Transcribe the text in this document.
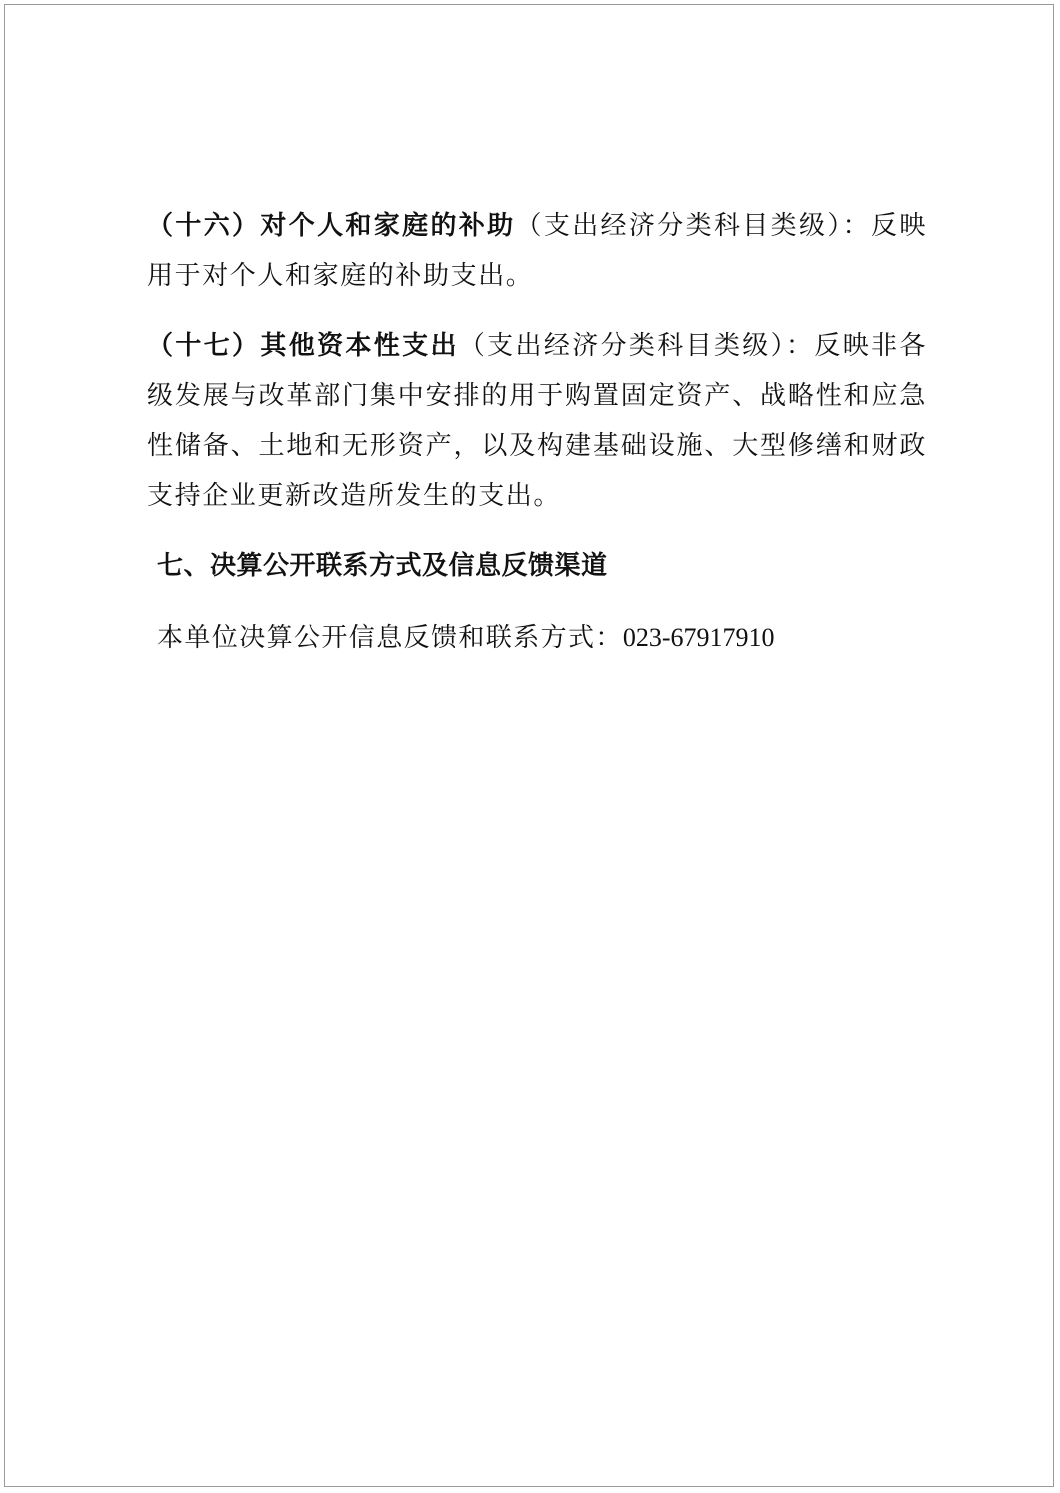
（十六）对个人和家庭的补助（支出经济分类科目类级）：反映用于对个人和家庭的补助支出。

（十七）其他资本性支出（支出经济分类科目类级）：反映非各级发展与改革部门集中安排的用于购置固定资产、战略性和应急性储备、土地和无形资产，以及构建基础设施、大型修缮和财政支持企业更新改造所发生的支出。

七、决算公开联系方式及信息反馈渠道

本单位决算公开信息反馈和联系方式：023-67917910
